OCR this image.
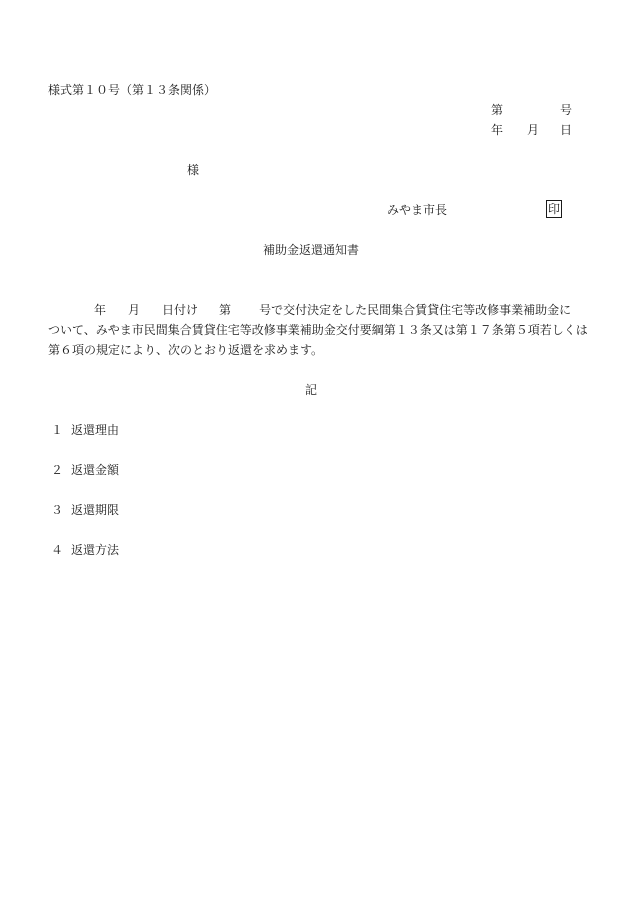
様式第１０号（第１３条関係）
第	号
年 月 日
様
みやま市長	印
補助金返還通知書
年 月 日付け 第 号で交付決定をした民間集合賃貸住宅等改修事業補助金に
ついて、みやま市民間集合賃貸住宅等改修事業補助金交付要綱第１３条又は第１７条第５項若しくは
第６項の規定により、次のとおり返還を求めます。
記
１ 返還理由
２ 返還金額
３ 返還期限
４ 返還方法
